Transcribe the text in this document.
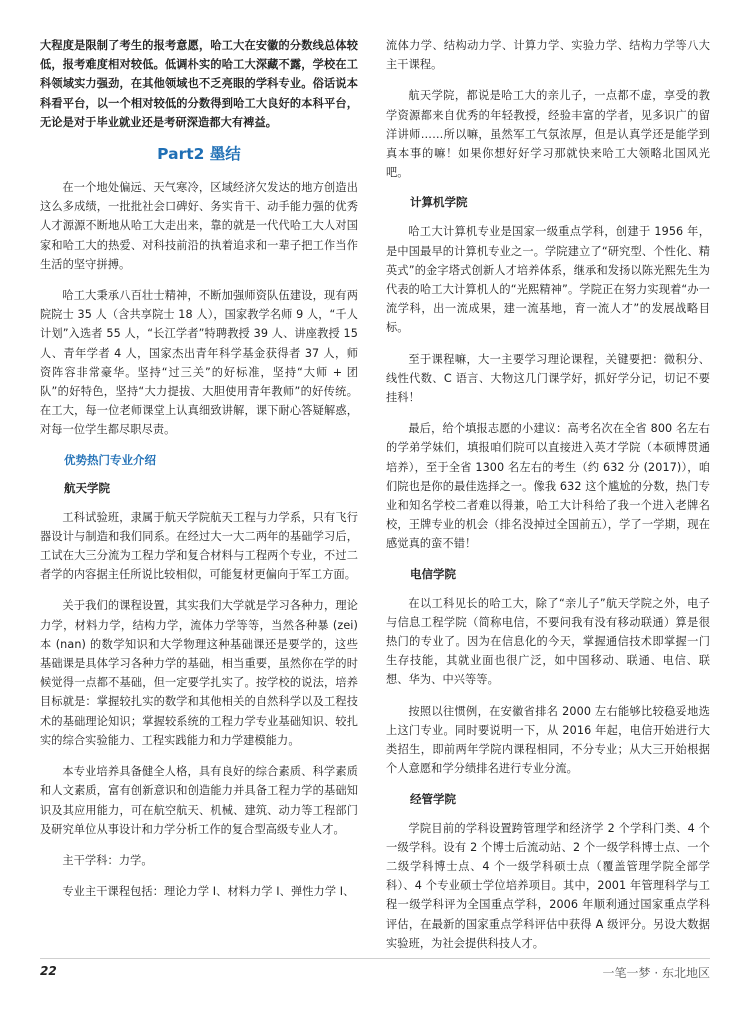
大程度是限制了考生的报考意愿，哈工大在安徽的分数线总体较低，报考难度相对较低。低调朴实的哈工大深藏不露，学校在工科领域实力强劲，在其他领域也不乏亮眼的学科专业。俗话说本科看平台，以一个相对较低的分数得到哈工大良好的本科平台，无论是对于毕业就业还是考研深造都大有裨益。

Part2 墨结

在一个地处偏远、天气寒冷，区域经济欠发达的地方创造出这么多成绩，一批批社会口碑好、务实肯干、动手能力强的优秀人才源源不断地从哈工大走出来，靠的就是一代代哈工大人对国家和哈工大的热爱、对科技前沿的执着追求和一辈子把工作当作生活的坚守拼搏。

哈工大秉承八百壮士精神，不断加强师资队伍建设，现有两院院士 35 人（含共享院士 18 人），国家教学名师 9 人，“千人计划”入选者 55 人，“长江学者”特聘教授 39 人、讲座教授 15 人、青年学者 4 人，国家杰出青年科学基金获得者 37 人，师资阵容非常豪华。坚持“过三关”的好标准，坚持“大师 + 团队”的好特色，坚持“大力提拔、大胆使用青年教师”的好传统。在工大，每一位老师课堂上认真细致讲解，课下耐心答疑解惑，对每一位学生都尽职尽责。

优势热门专业介绍
航天学院

工科试验班，隶属于航天学院航天工程与力学系，只有飞行器设计与制造和我们同系。在经过大一大二两年的基础学习后，工试在大三分流为工程力学和复合材料与工程两个专业，不过二者学的内容据主任所说比较相似，可能复材更偏向于军工方面。

关于我们的课程设置，其实我们大学就是学习各种力，理论力学，材料力学，结构力学，流体力学等等，当然各种暴 (zei) 本 (nan) 的数学知识和大学物理这种基础课还是要学的，这些基础课是具体学习各种力学的基础，相当重要，虽然你在学的时候觉得一点都不基础，但一定要学扎实了。按学校的说法，培养目标就是：掌握较扎实的数学和其他相关的自然科学以及工程技术的基础理论知识；掌握较系统的工程力学专业基础知识、较扎实的综合实验能力、工程实践能力和力学建模能力。

本专业培养具备健全人格，具有良好的综合素质、科学素质和人文素质，富有创新意识和创造能力并具备工程力学的基础知识及其应用能力，可在航空航天、机械、建筑、动力等工程部门及研究单位从事设计和力学分析工作的复合型高级专业人才。

主干学科：力学。

专业主干课程包括：理论力学 I、材料力学 I、弹性力学 I、

流体力学、结构动力学、计算力学、实验力学、结构力学等八大主干课程。

航天学院，都说是哈工大的亲儿子，一点都不虚，享受的教学资源都来自优秀的年轻教授，经验丰富的学者，见多识广的留洋讲师……所以嘛，虽然军工气氛浓厚，但是认真学还是能学到真本事的嘛！如果你想好好学习那就快来哈工大领略北国风光吧。

计算机学院

哈工大计算机专业是国家一级重点学科，创建于 1956 年，是中国最早的计算机专业之一。学院建立了“研究型、个性化、精英式”的金字塔式创新人才培养体系，继承和发扬以陈光熙先生为代表的哈工大计算机人的“光熙精神”。学院正在努力实现着“办一流学科，出一流成果，建一流基地，育一流人才”的发展战略目标。

至于课程嘛，大一主要学习理论课程，关键要把：微积分、线性代数、C 语言、大物这几门课学好，抓好学分记，切记不要挂科！

最后，给个填报志愿的小建议：高考名次在全省 800 名左右的学弟学妹们，填报咱们院可以直接进入英才学院（本硕博贯通培养），至于全省 1300 名左右的考生（约 632 分 (2017)），咱们院也是你的最佳选择之一。像我 632 这个尴尬的分数，热门专业和知名学校二者难以得兼，哈工大计科给了我一个进入老牌名校，王牌专业的机会（排名没掉过全国前五），学了一学期，现在感觉真的蛮不错！

电信学院

在以工科见长的哈工大，除了“亲儿子”航天学院之外，电子与信息工程学院（简称电信，不要问我有没有移动联通）算是很热门的专业了。因为在信息化的今天，掌握通信技术即掌握一门生存技能，其就业面也很广泛，如中国移动、联通、电信、联想、华为、中兴等等。

按照以往惯例，在安徽省排名 2000 左右能够比较稳妥地选上这门专业。同时要说明一下，从 2016 年起，电信开始进行大类招生，即前两年学院内课程相同，不分专业；从大三开始根据个人意愿和学分绩排名进行专业分流。

经管学院

学院目前的学科设置跨管理学和经济学 2 个学科门类、4 个一级学科。设有 2 个博士后流动站、2 个一级学科博士点、一个二级学科博士点、4 个一级学科硕士点（覆盖管理学院全部学科）、4 个专业硕士学位培养项目。其中，2001 年管理科学与工程一级学科评为全国重点学科，2006 年顺利通过国家重点学科评估，在最新的国家重点学科评估中获得 A 级评分。另设大数据实验班，为社会提供科技人才。

22	一笔一梦 · 东北地区
